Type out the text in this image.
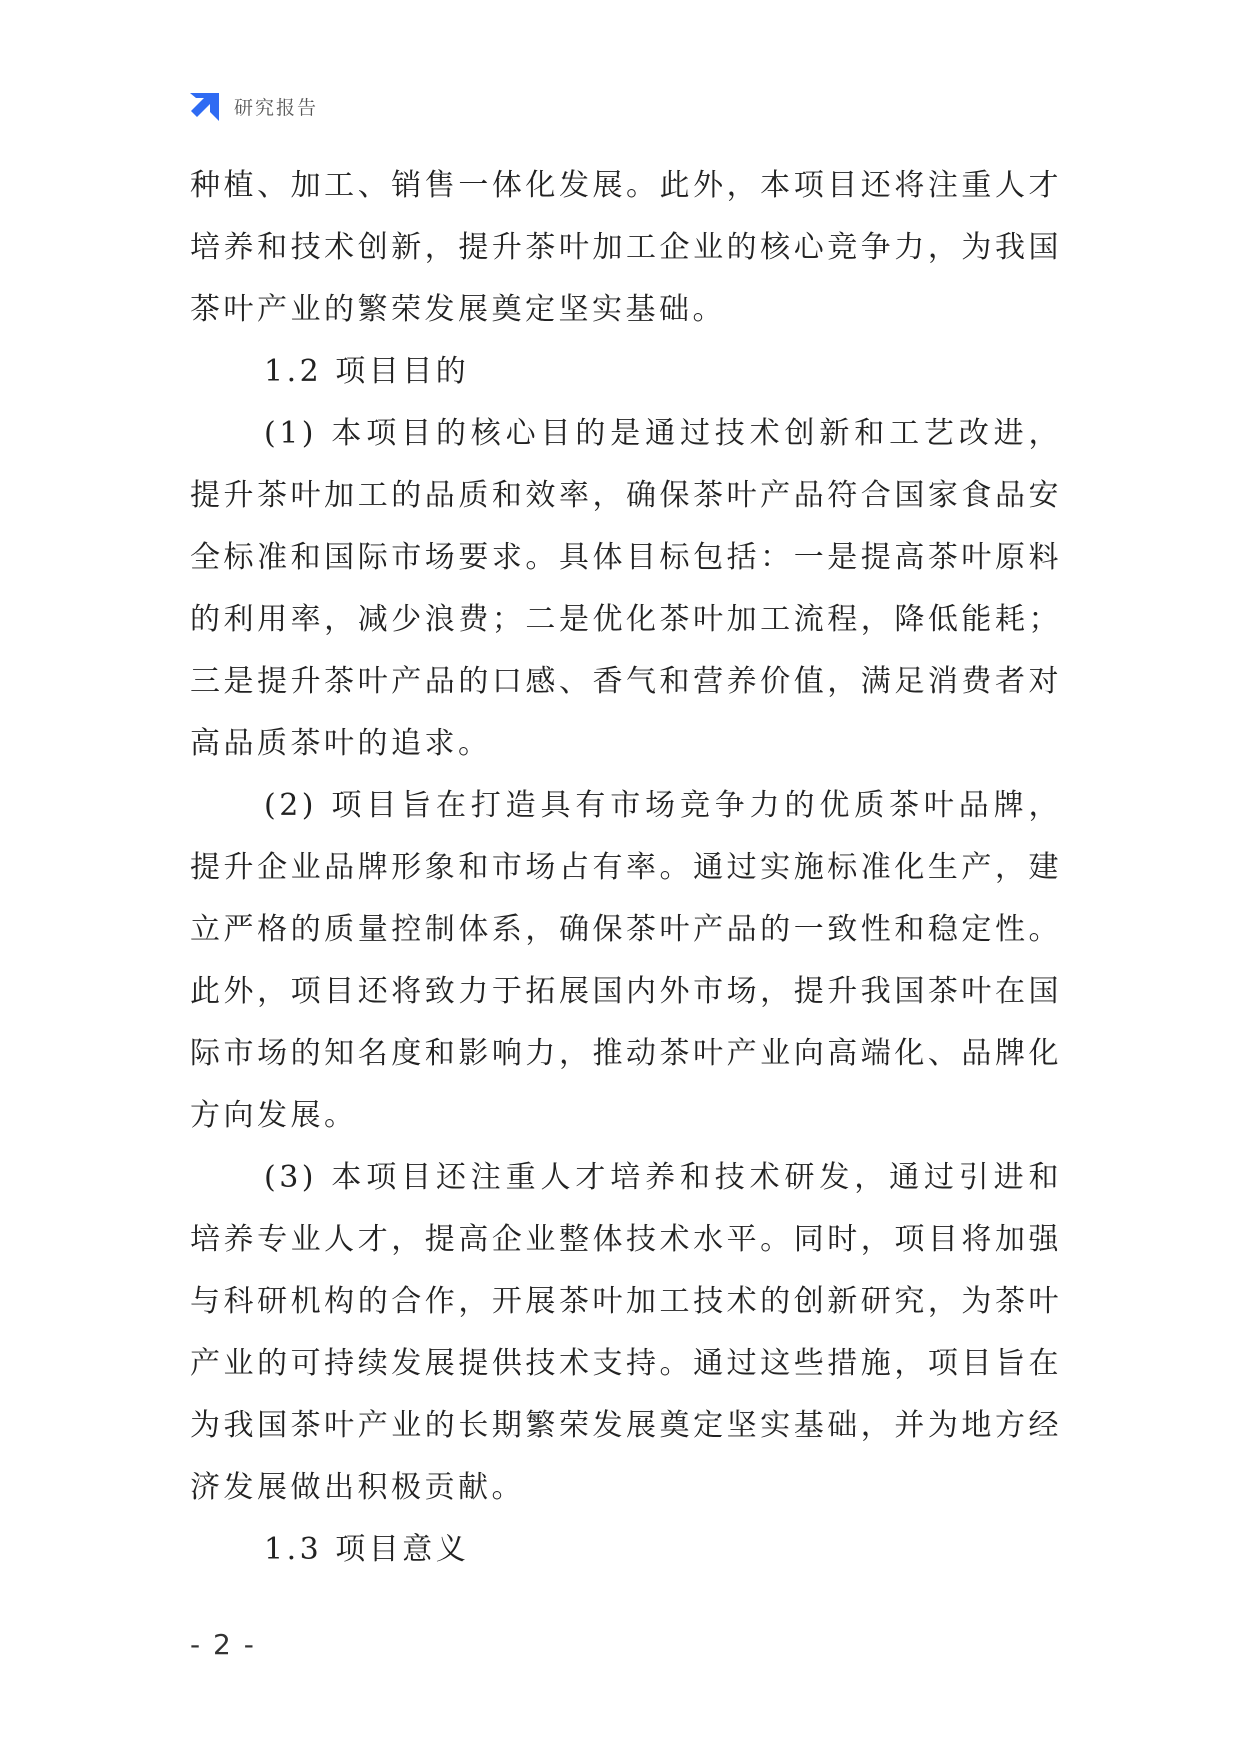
研究报告

种植、加工、销售一体化发展。此外，本项目还将注重人才培养和技术创新，提升茶叶加工企业的核心竞争力，为我国茶叶产业的繁荣发展奠定坚实基础。

1.2 项目目的

(1) 本项目的核心目的是通过技术创新和工艺改进，提升茶叶加工的品质和效率，确保茶叶产品符合国家食品安全标准和国际市场要求。具体目标包括：一是提高茶叶原料的利用率，减少浪费；二是优化茶叶加工流程，降低能耗；三是提升茶叶产品的口感、香气和营养价值，满足消费者对高品质茶叶的追求。

(2) 项目旨在打造具有市场竞争力的优质茶叶品牌，提升企业品牌形象和市场占有率。通过实施标准化生产，建立严格的质量控制体系，确保茶叶产品的一致性和稳定性。此外，项目还将致力于拓展国内外市场，提升我国茶叶在国际市场的知名度和影响力，推动茶叶产业向高端化、品牌化方向发展。

(3) 本项目还注重人才培养和技术研发，通过引进和培养专业人才，提高企业整体技术水平。同时，项目将加强与科研机构的合作，开展茶叶加工技术的创新研究，为茶叶产业的可持续发展提供技术支持。通过这些措施，项目旨在为我国茶叶产业的长期繁荣发展奠定坚实基础，并为地方经济发展做出积极贡献。

1.3 项目意义

- 2 -
